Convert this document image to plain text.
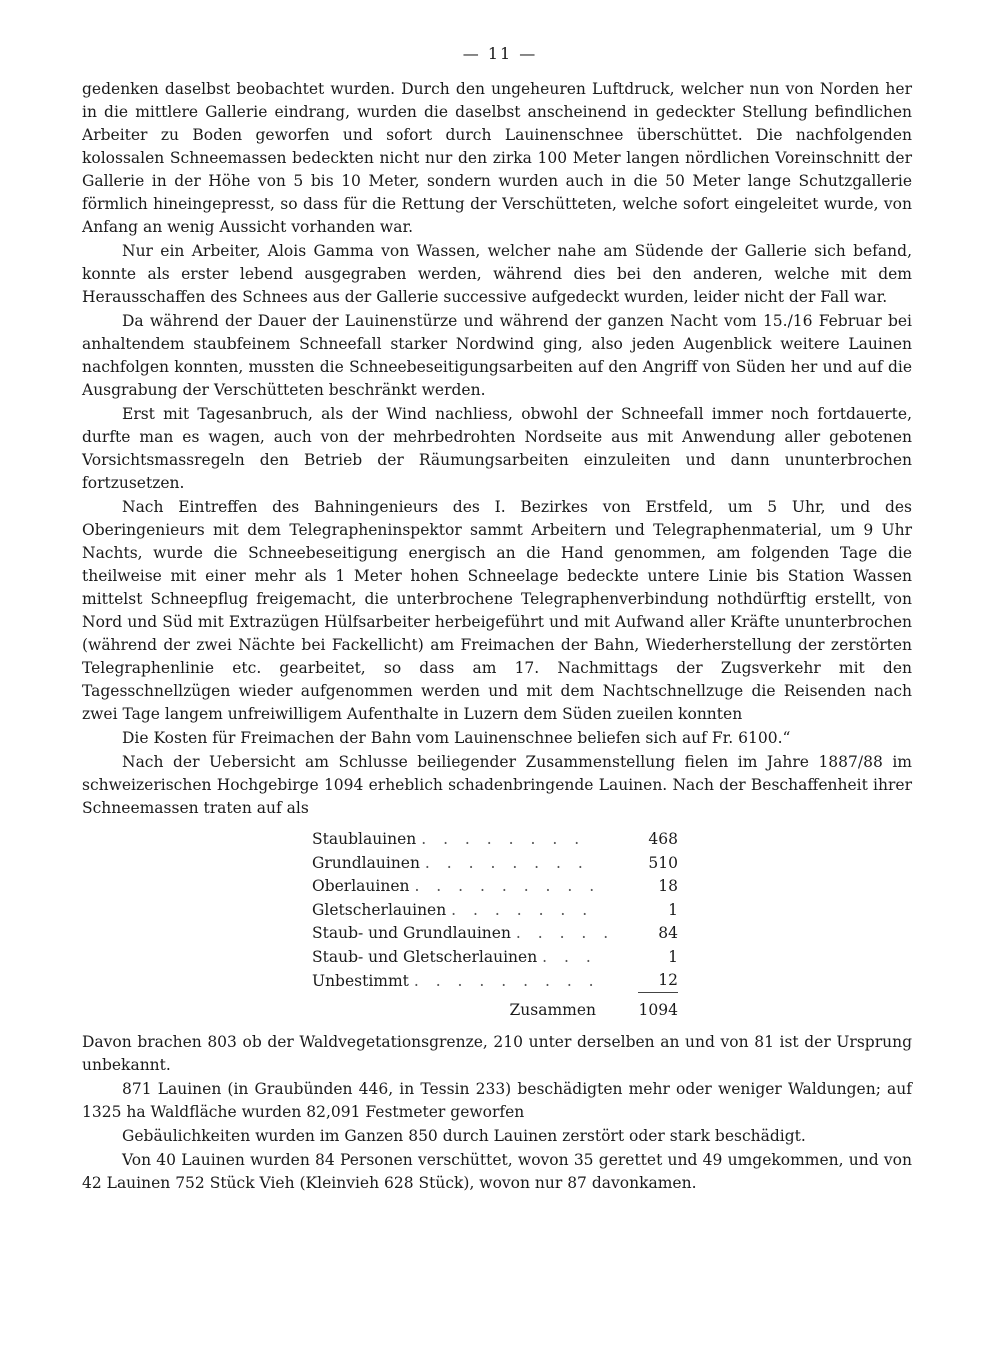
— 11 —

gedenken daselbst beobachtet wurden. Durch den ungeheuren Luftdruck, welcher nun von Norden her in die mittlere Gallerie eindrang, wurden die daselbst anscheinend in gedeckter Stellung befindlichen Arbeiter zu Boden geworfen und sofort durch Lauinenschnee überschüttet. Die nachfolgenden kolossalen Schneemassen bedeckten nicht nur den zirka 100 Meter langen nördlichen Voreinschnitt der Gallerie in der Höhe von 5 bis 10 Meter, sondern wurden auch in die 50 Meter lange Schutzgallerie förmlich hineingepresst, so dass für die Rettung der Verschütteten, welche sofort eingeleitet wurde, von Anfang an wenig Aussicht vorhanden war.

Nur ein Arbeiter, Alois Gamma von Wassen, welcher nahe am Südende der Gallerie sich befand, konnte als erster lebend ausgegraben werden, während dies bei den anderen, welche mit dem Herausschaffen des Schnees aus der Gallerie successive aufgedeckt wurden, leider nicht der Fall war.

Da während der Dauer der Lauinenstürze und während der ganzen Nacht vom 15./16 Februar bei anhaltendem staubfeinem Schneefall starker Nordwind ging, also jeden Augenblick weitere Lauinen nachfolgen konnten, mussten die Schneebeseitigungsarbeiten auf den Angriff von Süden her und auf die Ausgrabung der Verschütteten beschränkt werden.

Erst mit Tagesanbruch, als der Wind nachliess, obwohl der Schneefall immer noch fortdauerte, durfte man es wagen, auch von der mehrbedrohten Nordseite aus mit Anwendung aller gebotenen Vorsichtsmassregeln den Betrieb der Räumungsarbeiten einzuleiten und dann ununterbrochen fortzusetzen.

Nach Eintreffen des Bahningenieurs des I. Bezirkes von Erstfeld, um 5 Uhr, und des Oberingenieurs mit dem Telegrapheninspektor sammt Arbeitern und Telegraphenmaterial, um 9 Uhr Nachts, wurde die Schneebeseitigung energisch an die Hand genommen, am folgenden Tage die theilweise mit einer mehr als 1 Meter hohen Schneelage bedeckte untere Linie bis Station Wassen mittelst Schneepflug freigemacht, die unterbrochene Telegraphenverbindung nothdürftig erstellt, von Nord und Süd mit Extrazügen Hülfsarbeiter herbeigeführt und mit Aufwand aller Kräfte ununterbrochen (während der zwei Nächte bei Fackellicht) am Freimachen der Bahn, Wiederherstellung der zerstörten Telegraphenlinie etc. gearbeitet, so dass am 17. Nachmittags der Zugsverkehr mit den Tagesschnellzügen wieder aufgenommen werden und mit dem Nachtschnellzuge die Reisenden nach zwei Tage langem unfreiwilligem Aufenthalte in Luzern dem Süden zueilen konnten

Die Kosten für Freimachen der Bahn vom Lauinenschnee beliefen sich auf Fr. 6100.“

Nach der Uebersicht am Schlusse beiliegender Zusammenstellung fielen im Jahre 1887/88 im schweizerischen Hochgebirge 1094 erheblich schadenbringende Lauinen. Nach der Beschaffenheit ihrer Schneemassen traten auf als

Staublauinen . . . . . . . .	468
Grundlauinen . . . . . . . .	510
Oberlauinen . . . . . . . . .	18
Gletscherlauinen . . . . . . .	1
Staub- und Grundlauinen . . . . .	84
Staub- und Gletscherlauinen . . .	1
Unbestimmt . . . . . . . . .	12

Zusammen	1094

Davon brachen 803 ob der Waldvegetationsgrenze, 210 unter derselben an und von 81 ist der Ursprung unbekannt.

871 Lauinen (in Graubünden 446, in Tessin 233) beschädigten mehr oder weniger Waldungen; auf 1325 ha Waldfläche wurden 82,091 Festmeter geworfen

Gebäulichkeiten wurden im Ganzen 850 durch Lauinen zerstört oder stark beschädigt.

Von 40 Lauinen wurden 84 Personen verschüttet, wovon 35 gerettet und 49 umgekommen, und von 42 Lauinen 752 Stück Vieh (Kleinvieh 628 Stück), wovon nur 87 davonkamen.
